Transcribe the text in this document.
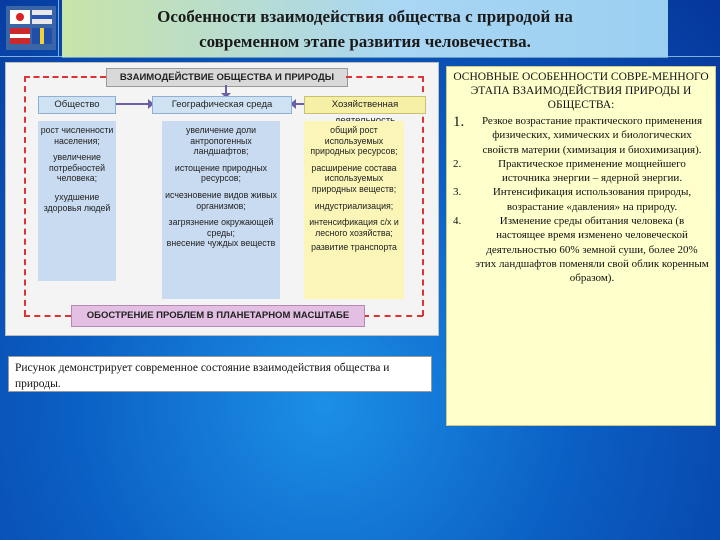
Особенности взаимодействия общества с природой на
современном этапе развития человечества.
ВЗАИМОДЕЙСТВИЕ ОБЩЕСТВА И ПРИРОДЫ
Общество
рост численности населения;
увеличение потребностей человека;
ухудшение здоровья людей
Географическая среда
увеличение доли антропогенных ландшафтов;
истощение природных ресурсов;
исчезновение видов живых организмов;
загрязнение окружающей среды;
внесение чуждых веществ
Хозяйственная
общий рост используемых природных ресурсов;
расширение состава используемых природных веществ;
индустриализация;
интенсификация с/х и лесного хозяйства;
развитие транспорта
ОБОСТРЕНИЕ ПРОБЛЕМ В ПЛАНЕТАРНОМ МАСШТАБЕ
Рисунок демонстрирует современное состояние взаимодействия общества и природы.
ОСНОВНЫЕ ОСОБЕННОСТИ СОВРЕ-МЕННОГО ЭТАПА ВЗАИМОДЕЙСТВИЯ ПРИРОДЫ И ОБЩЕСТВА:
1. Резкое возрастание практического применения физических, химических и биологических свойств материи (химизация и биохимизация).
2.	Практическое применение мощнейшего источника энергии – ядерной энергии.
3.	Интенсификация использования природы, возрастание «давления» на природу.
4.	Изменение среды обитания человека (в настоящее время изменено человеческой деятельностью 60% земной суши, более 20% этих ландшафтов поменяли свой облик коренным образом).
